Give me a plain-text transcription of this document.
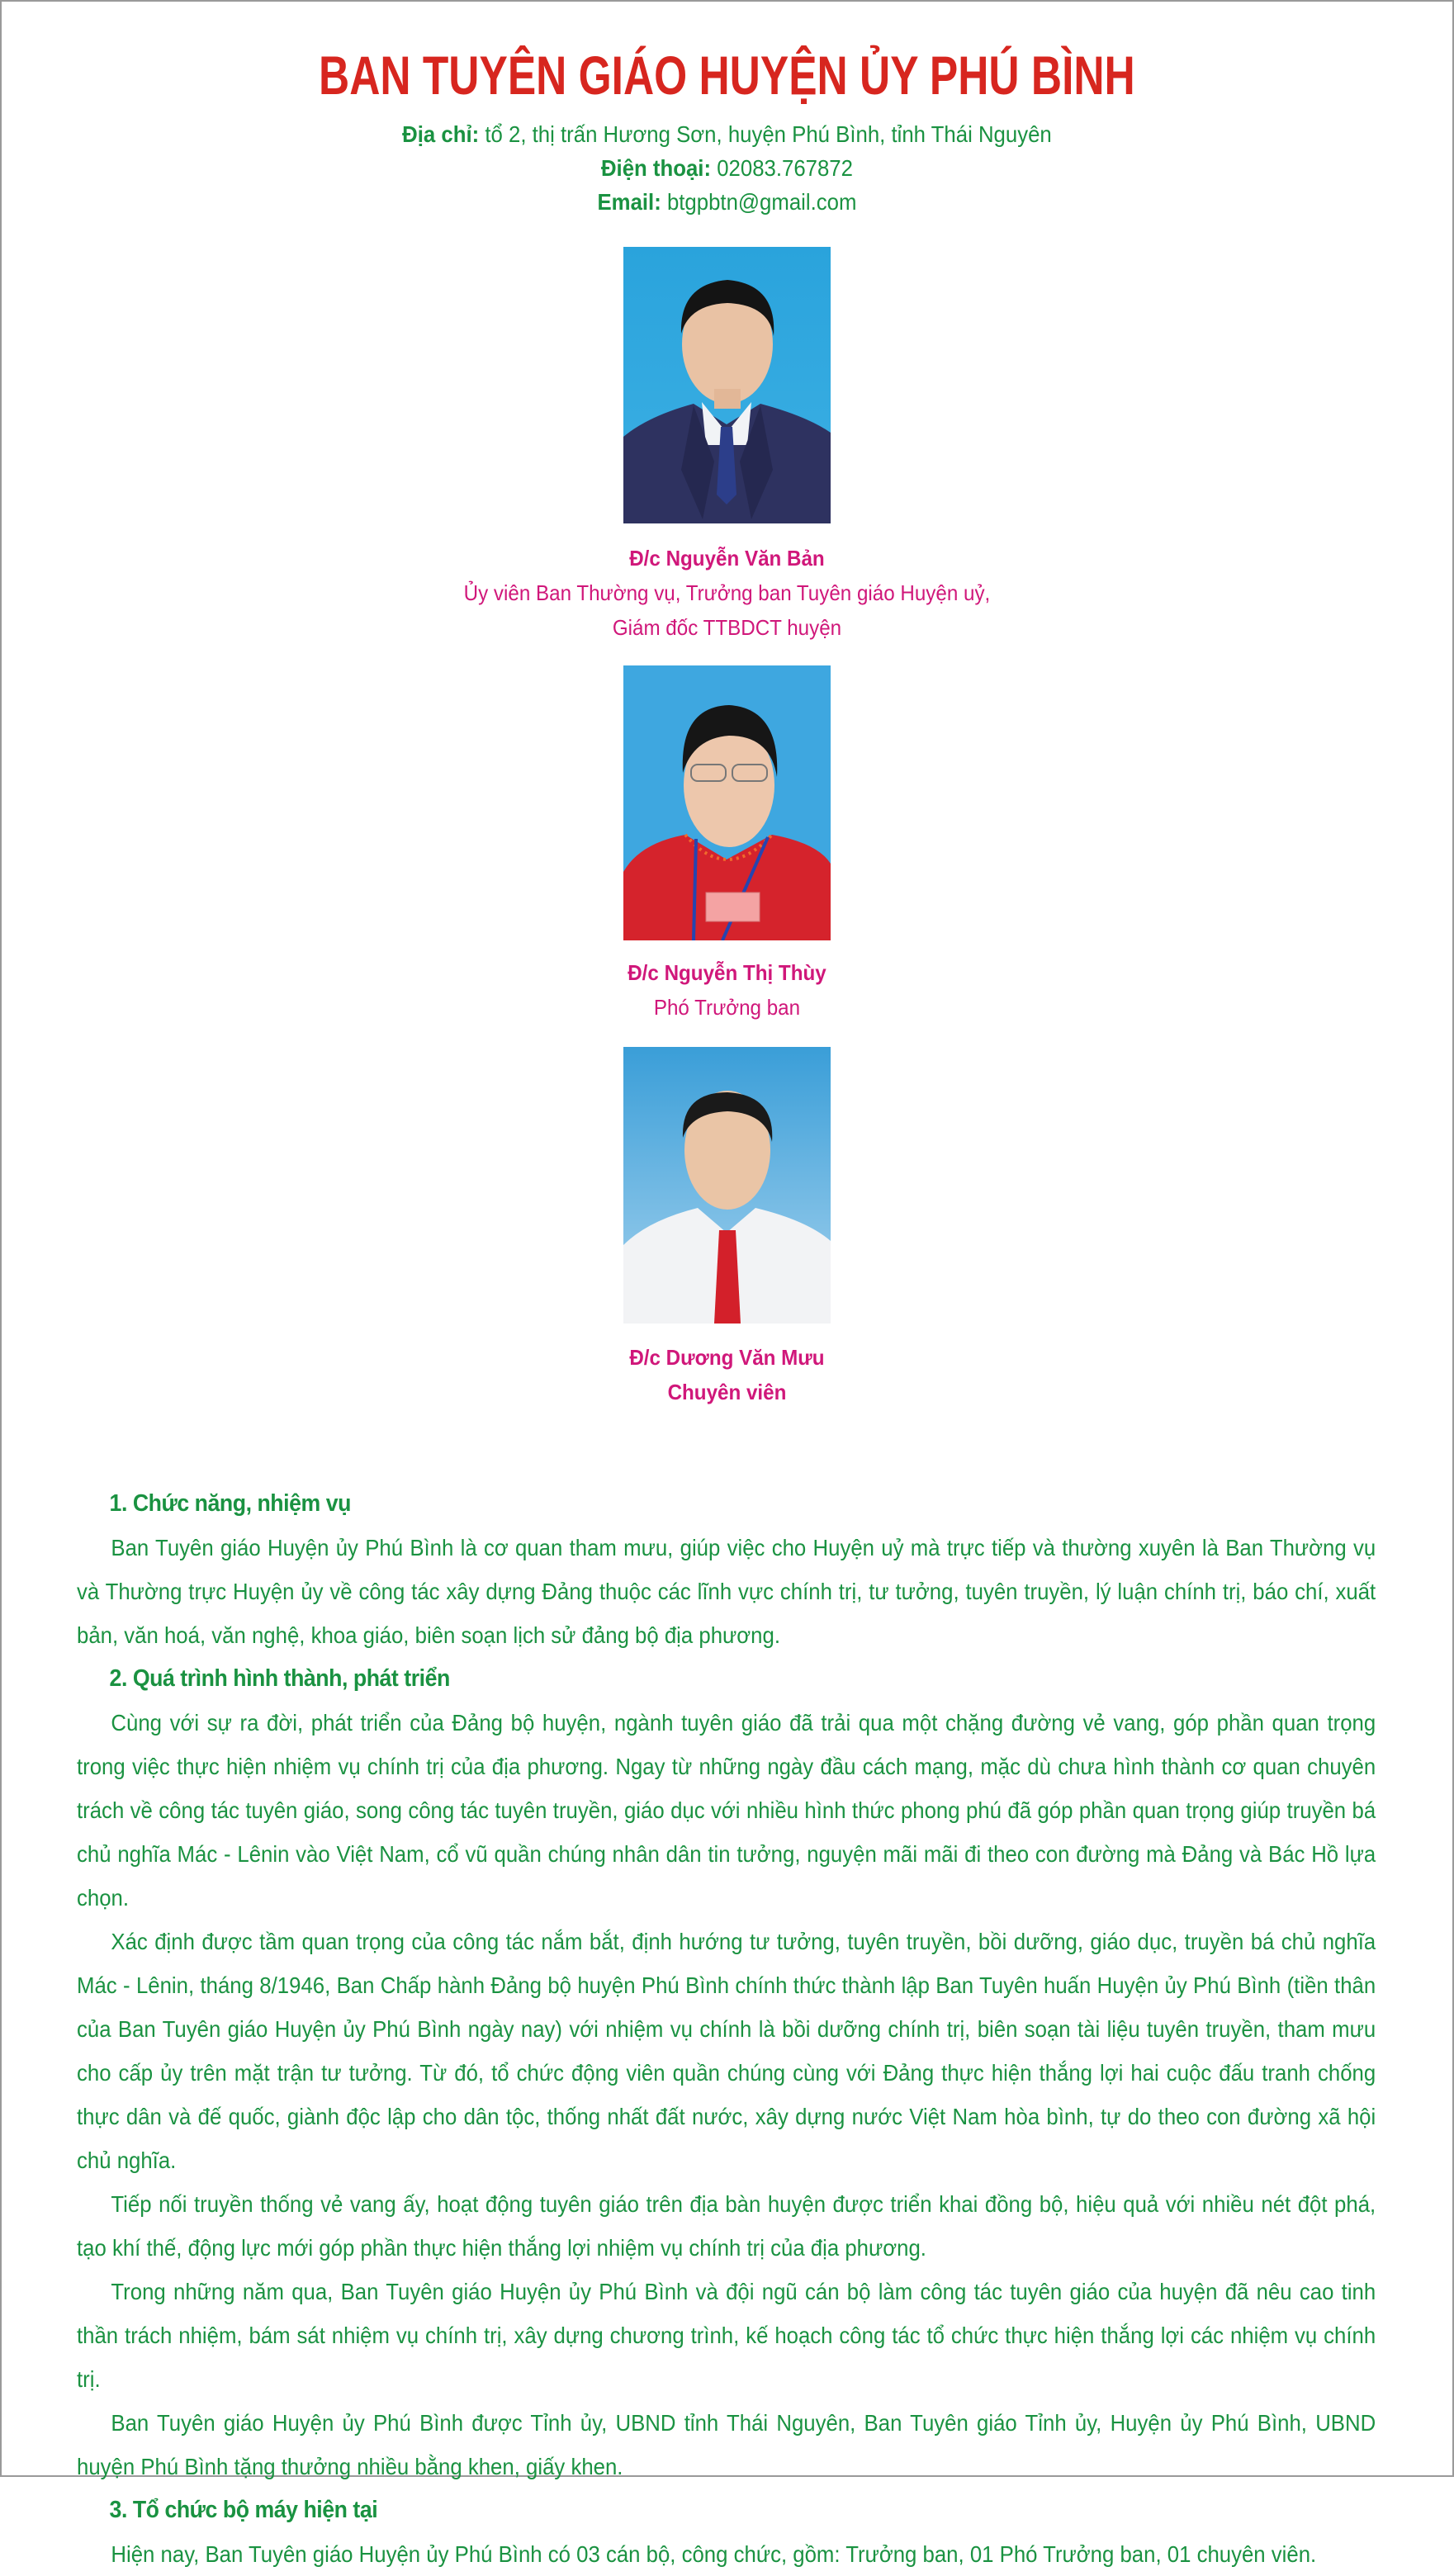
BAN TUYÊN GIÁO HUYỆN ỦY PHÚ BÌNH
Địa chỉ: tổ 2, thị trấn Hương Sơn, huyện Phú Bình, tỉnh Thái Nguyên
Điện thoại: 02083.767872
Email: btgpbtn@gmail.com
Đ/c Nguyễn Văn Bản
Ủy viên Ban Thường vụ, Trưởng ban Tuyên giáo Huyện uỷ,
Giám đốc TTBDCT huyện
Đ/c Nguyễn Thị Thùy
Phó Trưởng ban
Đ/c Dương Văn Mưu
Chuyên viên
1. Chức năng, nhiệm vụ

Ban Tuyên giáo Huyện ủy Phú Bình là cơ quan tham mưu, giúp việc cho Huyện uỷ mà trực tiếp và thường xuyên là Ban Thường vụ và Thường trực Huyện ủy về công tác xây dựng Đảng thuộc các lĩnh vực chính trị, tư tưởng, tuyên truyền, lý luận chính trị, báo chí, xuất bản, văn hoá, văn nghệ, khoa giáo, biên soạn lịch sử đảng bộ địa phương.

2. Quá trình hình thành, phát triển

Cùng với sự ra đời, phát triển của Đảng bộ huyện, ngành tuyên giáo đã trải qua một chặng đường vẻ vang, góp phần quan trọng trong việc thực hiện nhiệm vụ chính trị của địa phương. Ngay từ những ngày đầu cách mạng, mặc dù chưa hình thành cơ quan chuyên trách về công tác tuyên giáo, song công tác tuyên truyền, giáo dục với nhiều hình thức phong phú đã góp phần quan trọng giúp truyền bá chủ nghĩa Mác - Lênin vào Việt Nam, cổ vũ quần chúng nhân dân tin tưởng, nguyện mãi mãi đi theo con đường mà Đảng và Bác Hồ lựa chọn.

Xác định được tầm quan trọng của công tác nắm bắt, định hướng tư tưởng, tuyên truyền, bồi dưỡng, giáo dục, truyền bá chủ nghĩa Mác - Lênin, tháng 8/1946, Ban Chấp hành Đảng bộ huyện Phú Bình chính thức thành lập Ban Tuyên huấn Huyện ủy Phú Bình (tiền thân của Ban Tuyên giáo Huyện ủy Phú Bình ngày nay) với nhiệm vụ chính là bồi dưỡng chính trị, biên soạn tài liệu tuyên truyền, tham mưu cho cấp ủy trên mặt trận tư tưởng. Từ đó, tổ chức động viên quần chúng cùng với Đảng thực hiện thắng lợi hai cuộc đấu tranh chống thực dân và đế quốc, giành độc lập cho dân tộc, thống nhất đất nước, xây dựng nước Việt Nam hòa bình, tự do theo con đường xã hội chủ nghĩa.

Tiếp nối truyền thống vẻ vang ấy, hoạt động tuyên giáo trên địa bàn huyện được triển khai đồng bộ, hiệu quả với nhiều nét đột phá, tạo khí thế, động lực mới góp phần thực hiện thắng lợi nhiệm vụ chính trị của địa phương.

Trong những năm qua, Ban Tuyên giáo Huyện ủy Phú Bình và đội ngũ cán bộ làm công tác tuyên giáo của huyện đã nêu cao tinh thần trách nhiệm, bám sát nhiệm vụ chính trị, xây dựng chương trình, kế hoạch công tác tổ chức thực hiện thắng lợi các nhiệm vụ chính trị.

Ban Tuyên giáo Huyện ủy Phú Bình được Tỉnh ủy, UBND tỉnh Thái Nguyên, Ban Tuyên giáo Tỉnh ủy, Huyện ủy Phú Bình, UBND huyện Phú Bình tặng thưởng nhiều bằng khen, giấy khen.

3. Tổ chức bộ máy hiện tại

Hiện nay, Ban Tuyên giáo Huyện ủy Phú Bình có 03 cán bộ, công chức, gồm: Trưởng ban, 01 Phó Trưởng ban, 01 chuyên viên.
